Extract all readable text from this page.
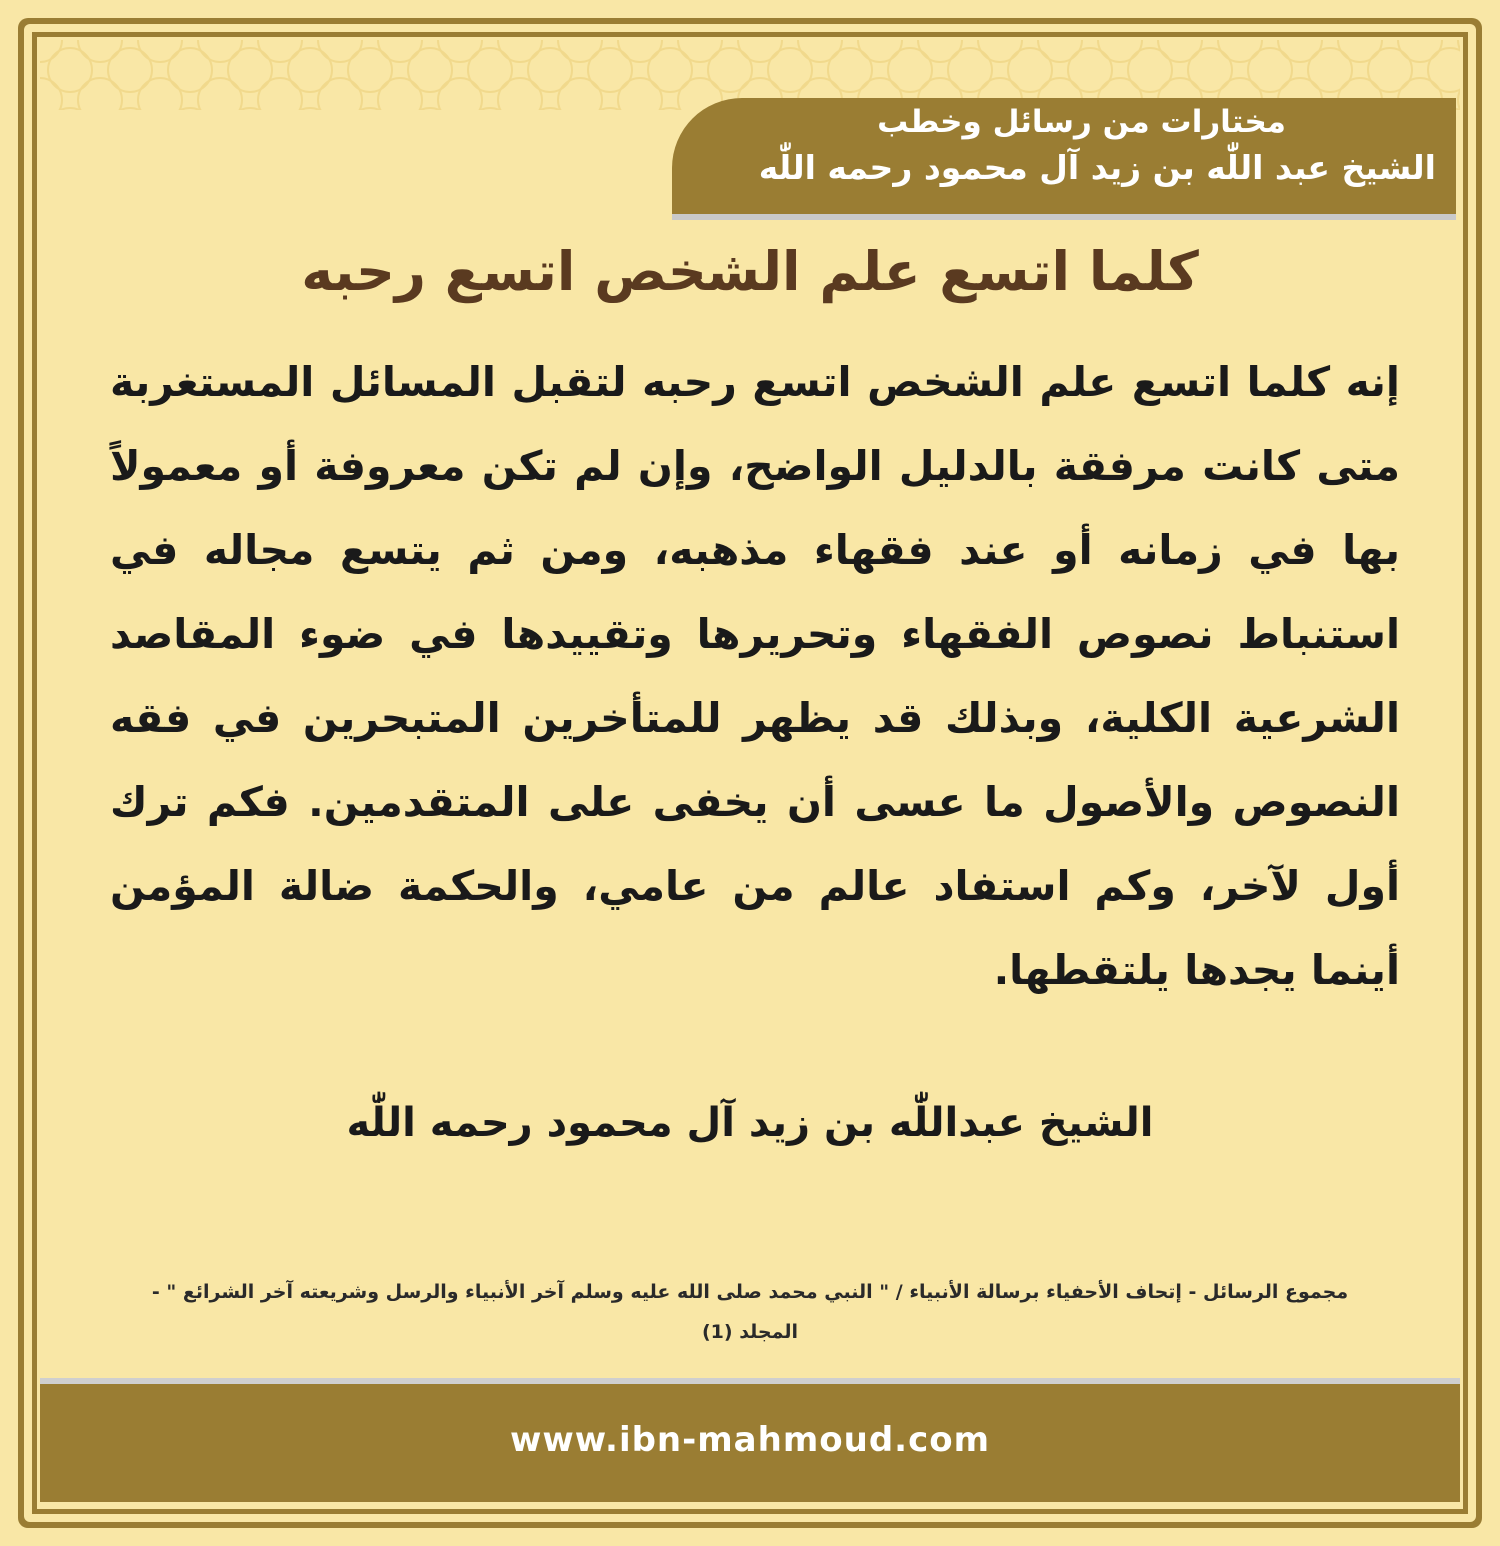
مختارات من رسائل وخطب
الشيخ عبد اللّٰه بن زيد آل محمود رحمه اللّٰه
كلما اتسع علم الشخص اتسع رحبه
إنه كلما اتسع علم الشخص اتسع رحبه لتقبل المسائل المستغربة متى كانت مرفقة بالدليل الواضح، وإن لم تكن معروفة أو معمولاً بها في زمانه أو عند فقهاء مذهبه، ومن ثم يتسع مجاله في استنباط نصوص الفقهاء وتحريرها وتقييدها في ضوء المقاصد الشرعية الكلية، وبذلك قد يظهر للمتأخرين المتبحرين في فقه النصوص والأصول ما عسى أن يخفى على المتقدمين. فكم ترك أول لآخر، وكم استفاد عالم من عامي، والحكمة ضالة المؤمن أينما يجدها يلتقطها.
الشيخ عبداللّٰه بن زيد آل محمود رحمه اللّٰه
مجموع الرسائل - إتحاف الأحفياء برسالة الأنبياء / " النبي محمد صلى الله عليه وسلم آخر الأنبياء والرسل وشريعته آخر الشرائع " - المجلد (1)
www.ibn-mahmoud.com
